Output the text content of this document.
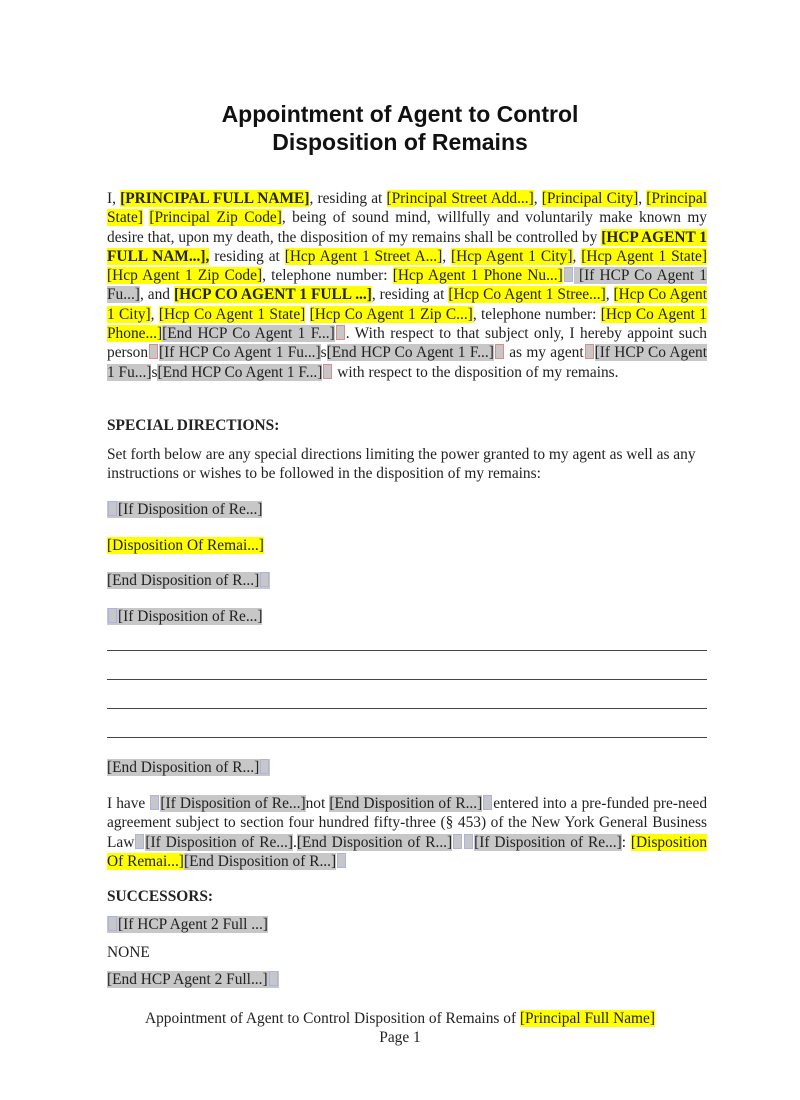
Appointment of Agent to Control
Disposition of Remains
I, [PRINCIPAL FULL NAME], residing at [Principal Street Add...], [Principal City], [Principal State] [Principal Zip Code], being of sound mind, willfully and voluntarily make known my desire that, upon my death, the disposition of my remains shall be controlled by [HCP AGENT 1 FULL NAM...], residing at [Hcp Agent 1 Street A...], [Hcp Agent 1 City], [Hcp Agent 1 State] [Hcp Agent 1 Zip Code], telephone number: [Hcp Agent 1 Phone Nu...] [If HCP Co Agent 1 Fu...], and [HCP CO AGENT 1 FULL ...], residing at [Hcp Co Agent 1 Stree...], [Hcp Co Agent 1 City], [Hcp Co Agent 1 State] [Hcp Co Agent 1 Zip C...], telephone number: [Hcp Co Agent 1 Phone...][End HCP Co Agent 1 F...] . With respect to that subject only, I hereby appoint such person [If HCP Co Agent 1 Fu...]s[End HCP Co Agent 1 F...] as my agent [If HCP Co Agent 1 Fu...]s[End HCP Co Agent 1 F...] with respect to the disposition of my remains.
SPECIAL DIRECTIONS:
Set forth below are any special directions limiting the power granted to my agent as well as any instructions or wishes to be followed in the disposition of my remains:
[If Disposition of Re...]
[Disposition Of Remai...]
[End Disposition of R...]
[If Disposition of Re...]
[End Disposition of R...]
I have [If Disposition of Re...]not [End Disposition of R...] entered into a pre-funded pre-need agreement subject to section four hundred fifty-three (§ 453) of the New York General Business Law [If Disposition of Re...].[End Disposition of R...] [If Disposition of Re...]: [Disposition Of Remai...][End Disposition of R...]
SUCCESSORS:
[If HCP Agent 2 Full ...]
NONE
[End HCP Agent 2 Full...]
Appointment of Agent to Control Disposition of Remains of [Principal Full Name]
Page 1
